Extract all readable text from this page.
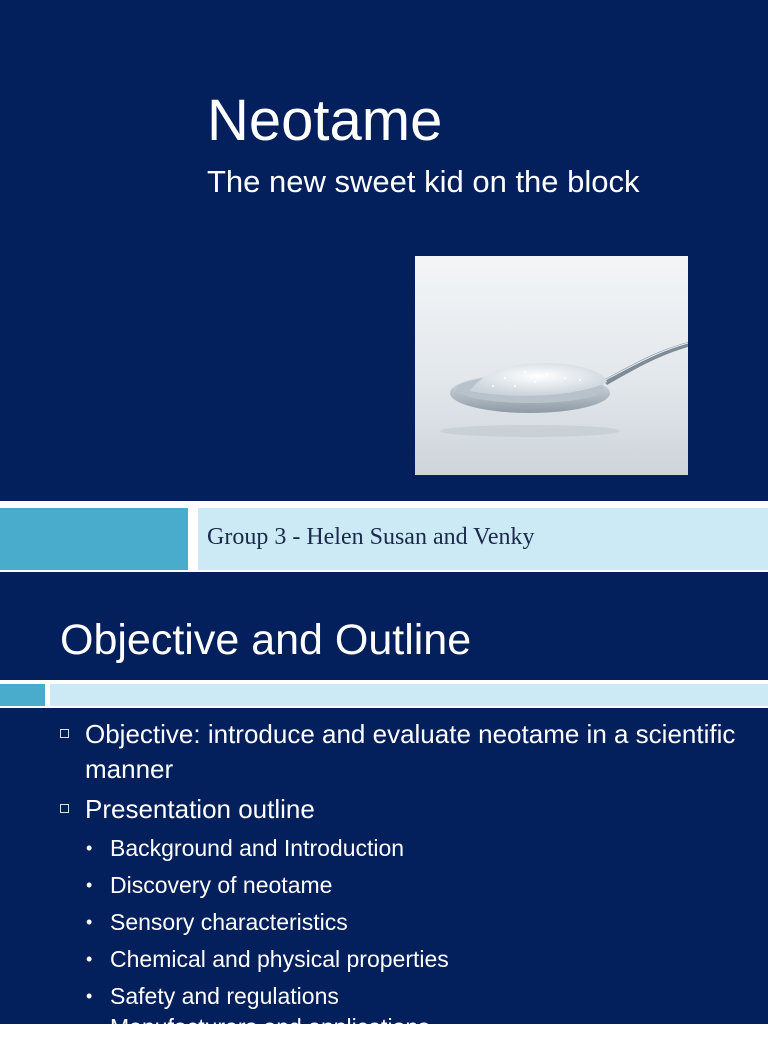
Neotame
The new sweet kid on the block
Group 3 - Helen Susan and Venky
Objective and Outline
Objective: introduce and evaluate neotame in a scientific manner
Presentation outline
• Background and Introduction
• Discovery of neotame
• Sensory characteristics
• Chemical and physical properties
• Safety and regulations
• Manufacturers and applications
